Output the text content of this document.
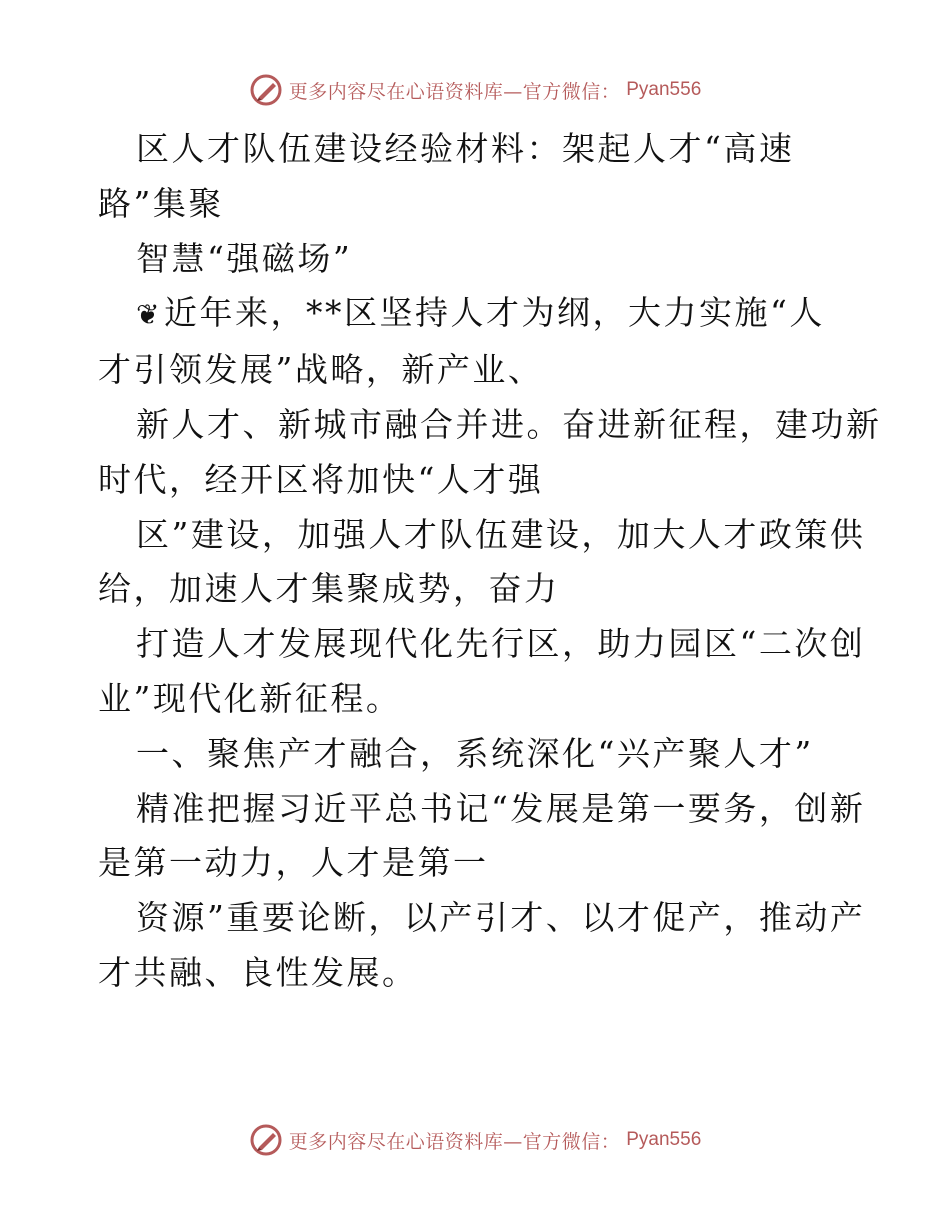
更多内容尽在心语资料库—官方微信： Pyan556

区人才队伍建设经验材料：架起人才“高速
路”集聚

智慧“强磁场”

❦近年来，**区坚持人才为纲，大力实施“人
才引领发展”战略，新产业、

新人才、新城市融合并进。奋进新征程，建功新
时代，经开区将加快“人才强

区”建设，加强人才队伍建设，加大人才政策供
给，加速人才集聚成势，奋力

打造人才发展现代化先行区，助力园区“二次创
业”现代化新征程。

一、聚焦产才融合，系统深化“兴产聚人才”

精准把握习近平总书记“发展是第一要务，创新
是第一动力，人才是第一

资源”重要论断，以产引才、以才促产，推动产
才共融、良性发展。

更多内容尽在心语资料库—官方微信： Pyan556
